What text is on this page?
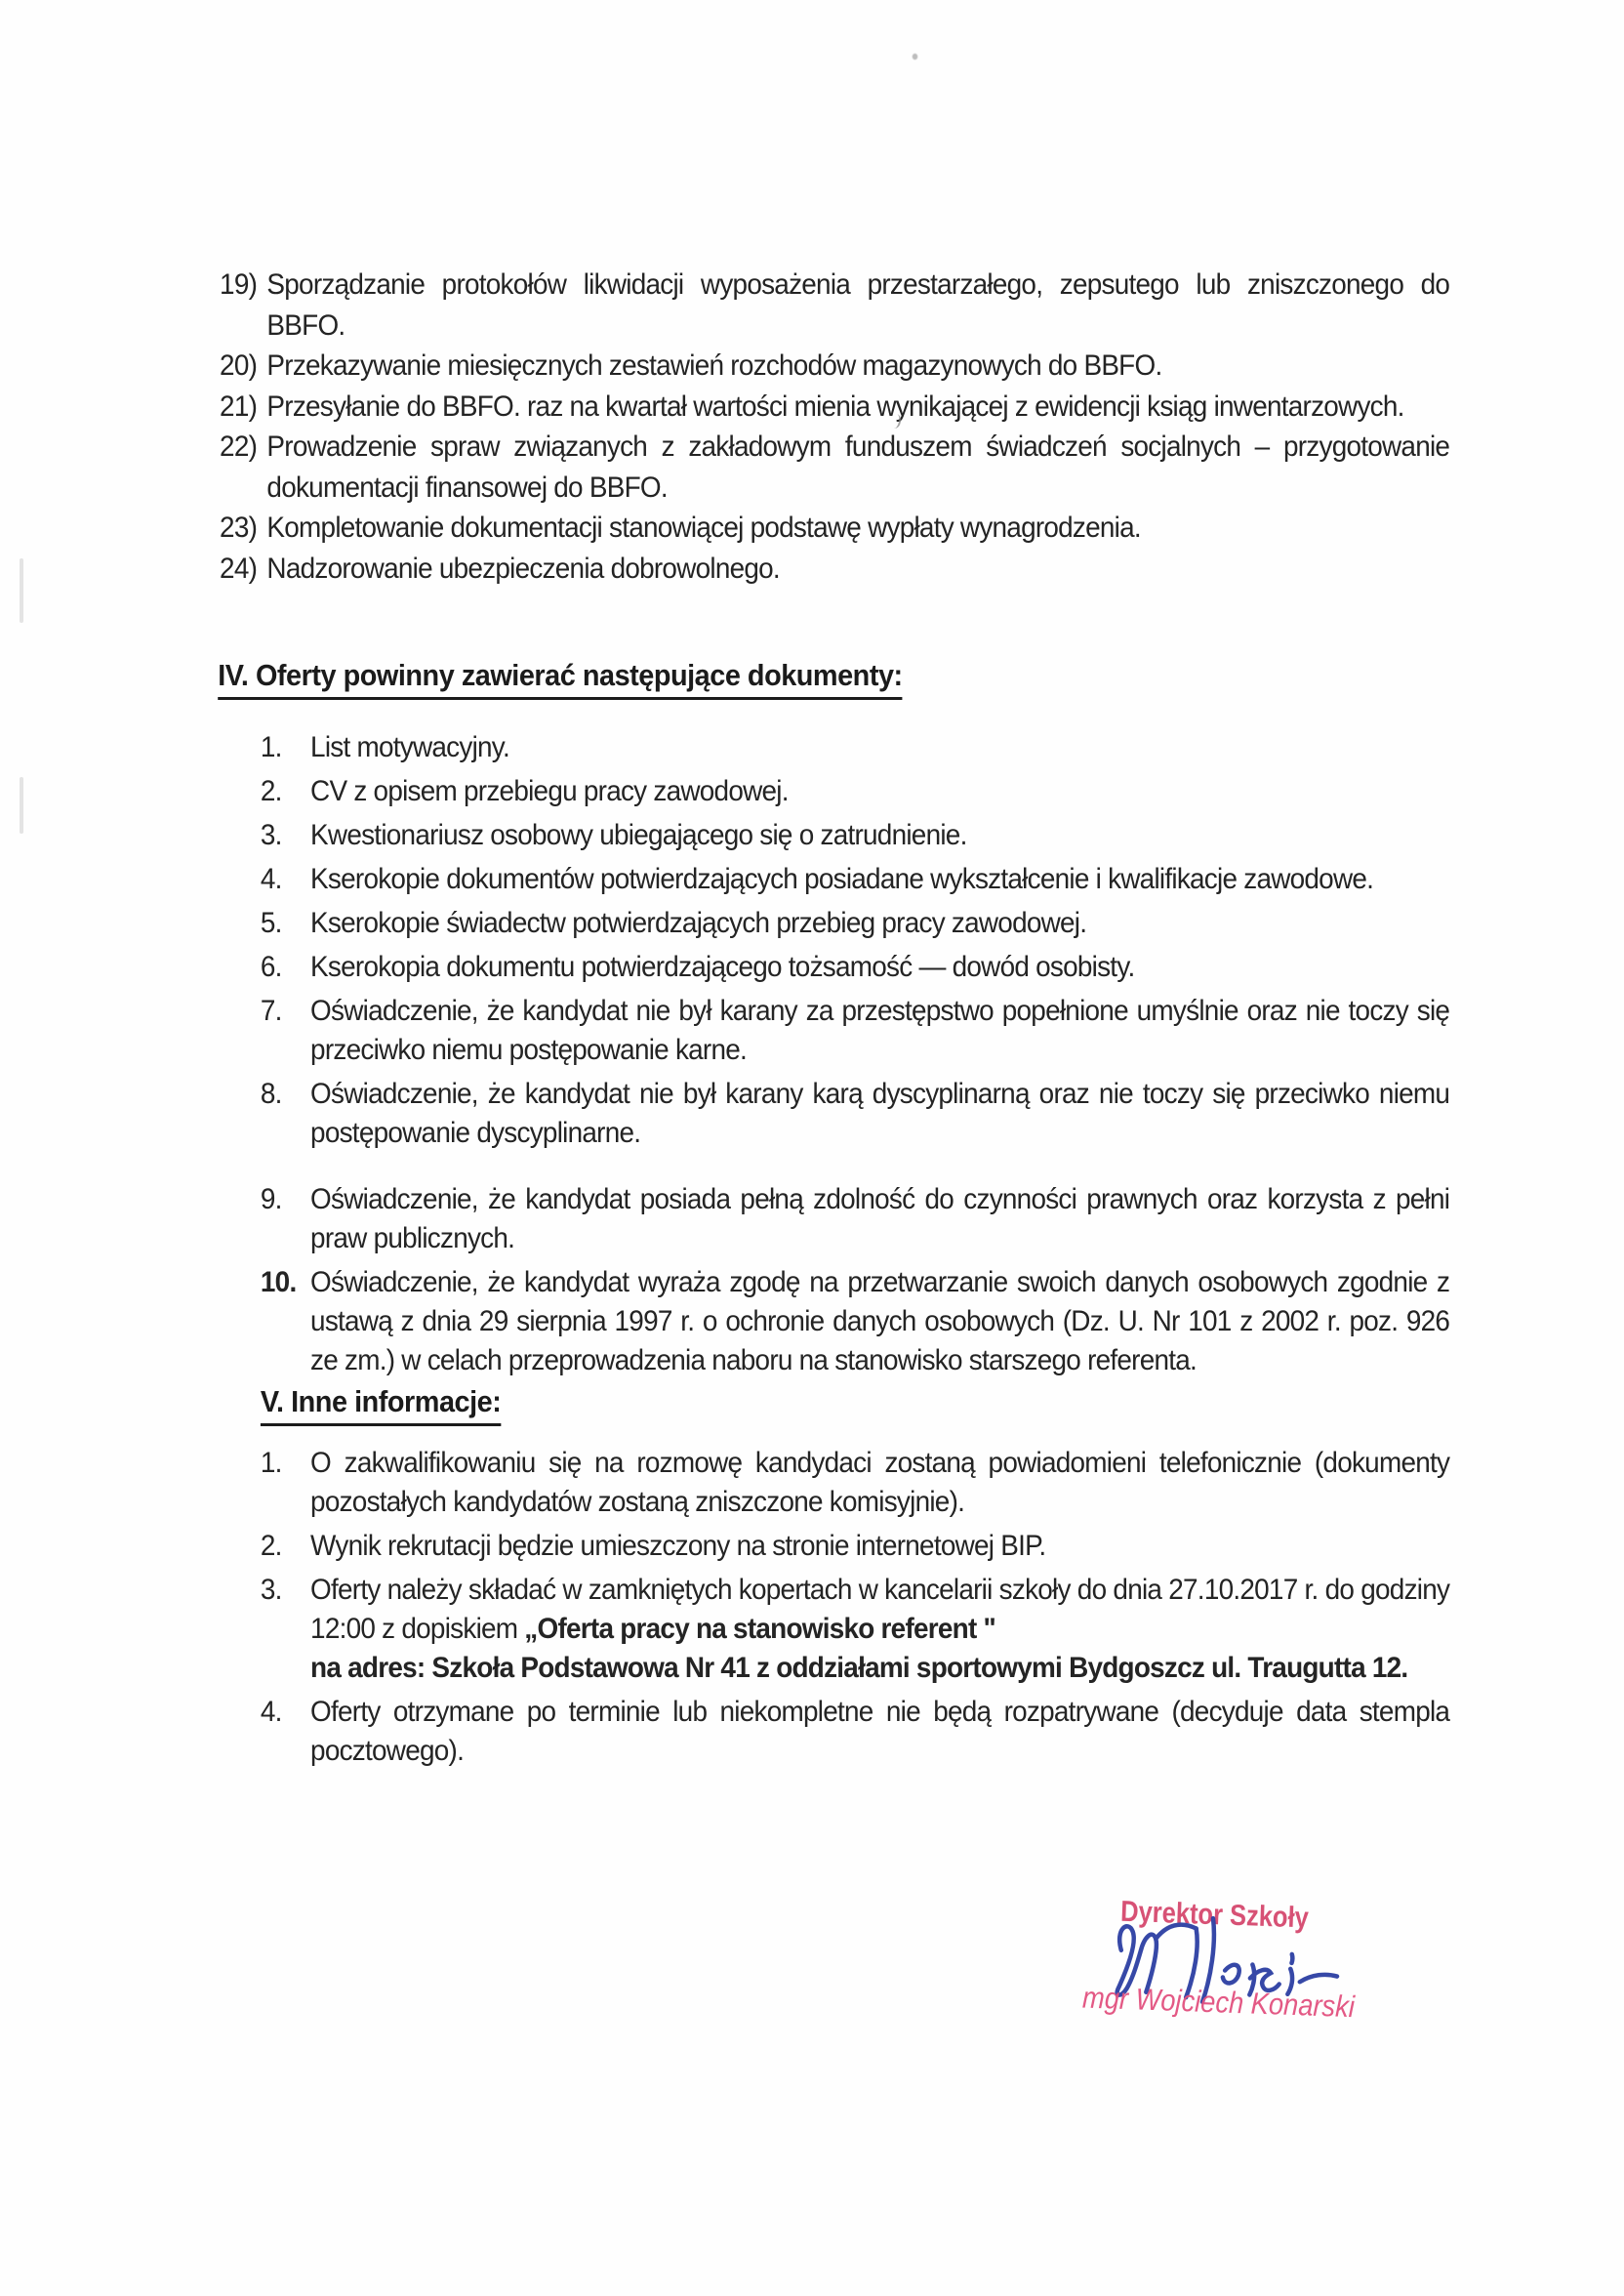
19) Sporządzanie protokołów likwidacji wyposażenia przestarzałego, zepsutego lub zniszczonego do BBFO.
20) Przekazywanie miesięcznych zestawień rozchodów magazynowych do BBFO.
21) Przesyłanie do BBFO. raz na kwartał wartości mienia wynikającej z ewidencji ksiąg inwentarzowych.
22) Prowadzenie spraw związanych z zakładowym funduszem świadczeń socjalnych – przygotowanie dokumentacji finansowej do BBFO.
23) Kompletowanie dokumentacji stanowiącej podstawę wypłaty wynagrodzenia.
24) Nadzorowanie ubezpieczenia dobrowolnego.
IV. Oferty powinny zawierać następujące dokumenty:
1. List motywacyjny.
2. CV z opisem przebiegu pracy zawodowej.
3. Kwestionariusz osobowy ubiegającego się o zatrudnienie.
4. Kserokopie dokumentów potwierdzających posiadane wykształcenie i kwalifikacje zawodowe.
5. Kserokopie świadectw potwierdzających przebieg pracy zawodowej.
6. Kserokopia dokumentu potwierdzającego tożsamość — dowód osobisty.
7. Oświadczenie, że kandydat nie był karany za przestępstwo popełnione umyślnie oraz nie toczy się przeciwko niemu postępowanie karne.
8. Oświadczenie, że kandydat nie był karany karą dyscyplinarną oraz nie toczy się przeciwko niemu postępowanie dyscyplinarne.
9. Oświadczenie, że kandydat posiada pełną zdolność do czynności prawnych oraz korzysta z pełni praw publicznych.
10. Oświadczenie, że kandydat wyraża zgodę na przetwarzanie swoich danych osobowych zgodnie z ustawą z dnia 29 sierpnia 1997 r. o ochronie danych osobowych (Dz. U. Nr 101 z 2002 r. poz. 926 ze zm.) w celach przeprowadzenia naboru na stanowisko starszego referenta.
V. Inne informacje:
1. O zakwalifikowaniu się na rozmowę kandydaci zostaną powiadomieni telefonicznie (dokumenty pozostałych kandydatów zostaną zniszczone komisyjnie).
2. Wynik rekrutacji będzie umieszczony na stronie internetowej BIP.
3. Oferty należy składać w zamkniętych kopertach w kancelarii szkoły do dnia 27.10.2017 r. do godziny 12:00 z dopiskiem „Oferta pracy na stanowisko referent "
na adres: Szkoła Podstawowa Nr 41 z oddziałami sportowymi Bydgoszcz ul. Traugutta 12.
4. Oferty otrzymane po terminie lub niekompletne nie będą rozpatrywane (decyduje data stempla pocztowego).
Dyrektor Szkoły
mgr Wojciech Konarski
